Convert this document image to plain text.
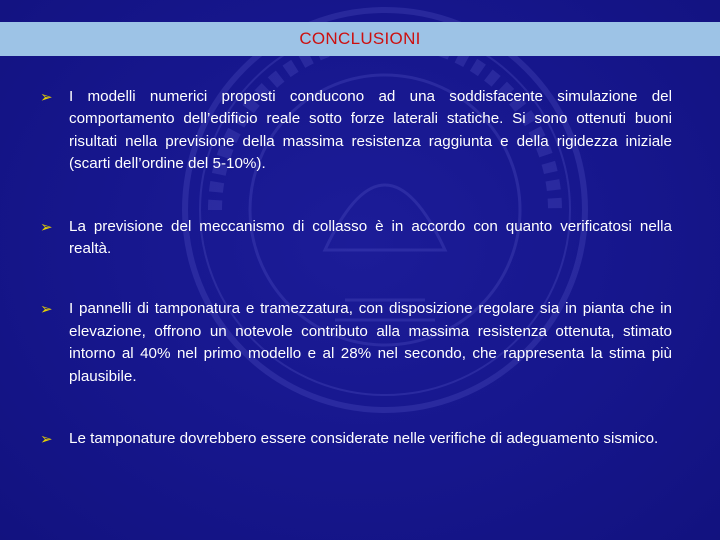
CONCLUSIONI
➢ I modelli numerici proposti conducono ad una soddisfacente simulazione del comportamento dell’edificio reale sotto forze laterali statiche. Si sono ottenuti buoni risultati nella previsione della massima resistenza raggiunta e della rigidezza iniziale (scarti dell’ordine del 5-10%).
➢ La previsione del meccanismo di collasso è in accordo con quanto verificatosi nella realtà.
➢ I pannelli di tamponatura e tramezzatura, con disposizione regolare sia in pianta che in elevazione, offrono un notevole contributo alla massima resistenza ottenuta, stimato intorno al 40% nel primo modello e al 28% nel secondo, che rappresenta la stima più plausibile.
➢ Le tamponature dovrebbero essere considerate nelle verifiche di adeguamento sismico.
